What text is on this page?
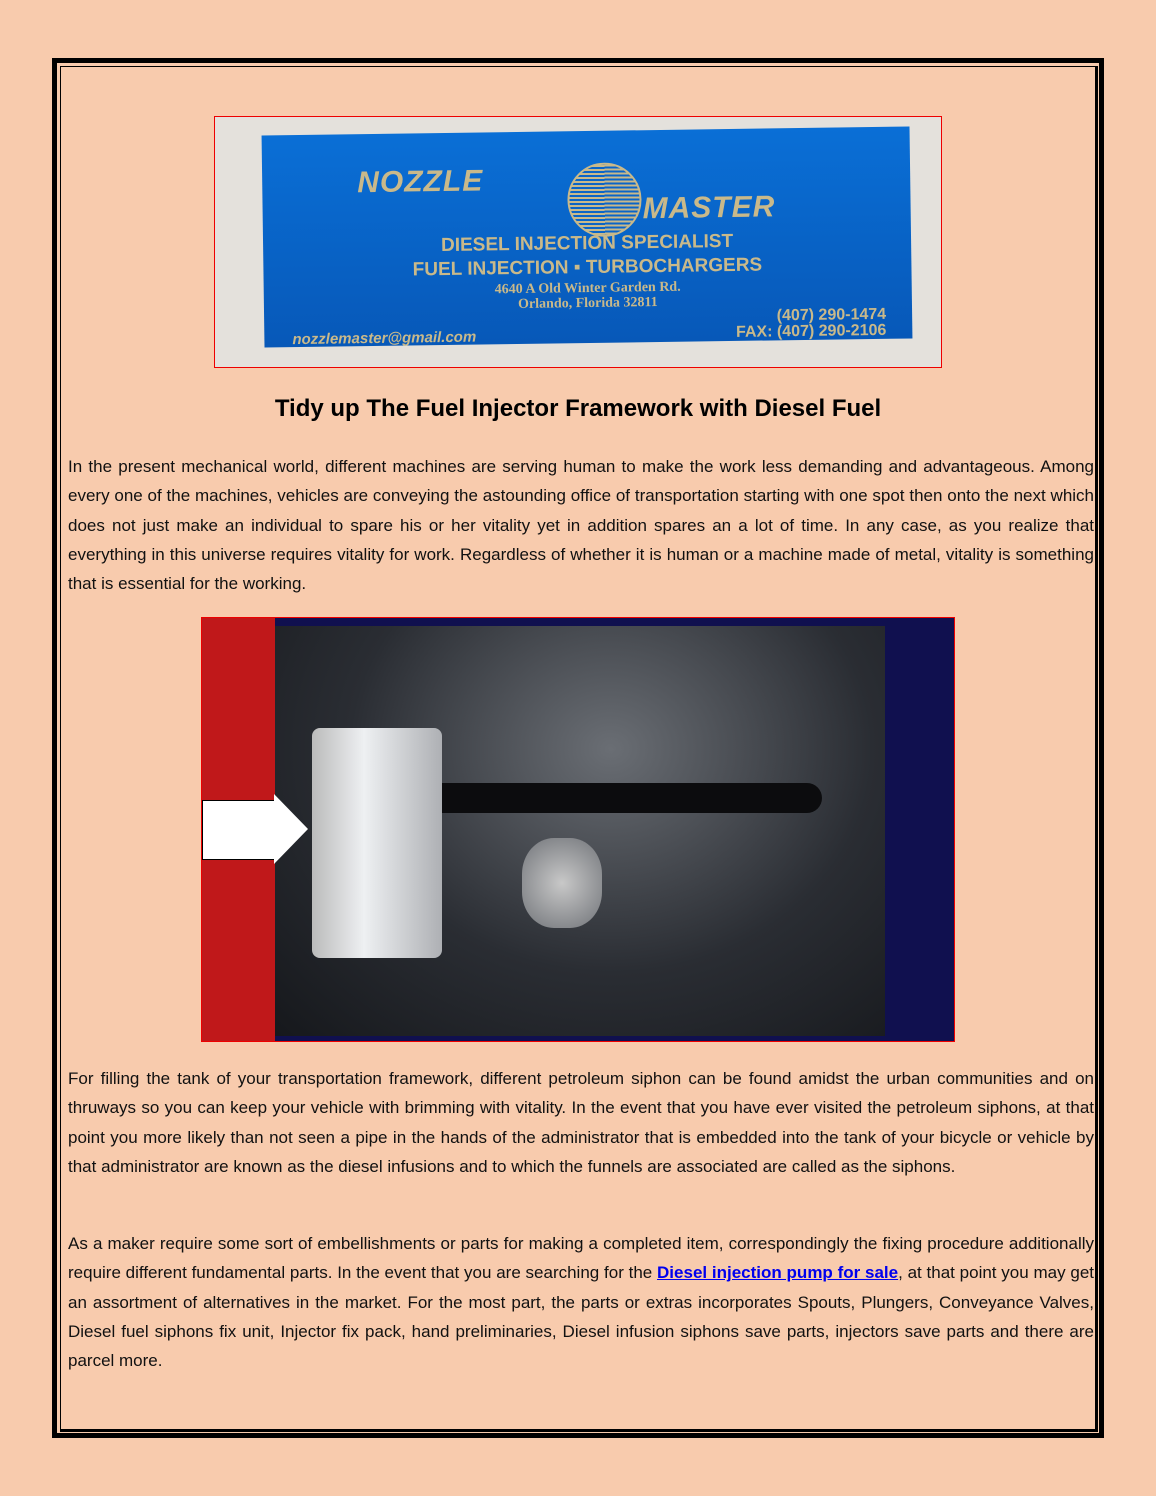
NOZZLE
MASTER
DIESEL INJECTION SPECIALIST
FUEL INJECTION ▪ TURBOCHARGERS
4640 A Old Winter Garden Rd.
Orlando, Florida 32811
(407) 290-1474
FAX: (407) 290-2106
nozzlemaster@gmail.com
Tidy up The Fuel Injector Framework with Diesel Fuel

In the present mechanical world, different machines are serving human to make the work less demanding and advantageous. Among every one of the machines, vehicles are conveying the astounding office of transportation starting with one spot then onto the next which does not just make an individual to spare his or her vitality yet in addition spares an a lot of time. In any case, as you realize that everything in this universe requires vitality for work. Regardless of whether it is human or a machine made of metal, vitality is something that is essential for the working.

For filling the tank of your transportation framework, different petroleum siphon can be found amidst the urban communities and on thruways so you can keep your vehicle with brimming with vitality. In the event that you have ever visited the petroleum siphons, at that point you more likely than not seen a pipe in the hands of the administrator that is embedded into the tank of your bicycle or vehicle by that administrator are known as the diesel infusions and to which the funnels are associated are called as the siphons.

As a maker require some sort of embellishments or parts for making a completed item, correspondingly the fixing procedure additionally require different fundamental parts. In the event that you are searching for the Diesel injection pump for sale, at that point you may get an assortment of alternatives in the market. For the most part, the parts or extras incorporates Spouts, Plungers, Conveyance Valves, Diesel fuel siphons fix unit, Injector fix pack, hand preliminaries, Diesel infusion siphons save parts, injectors save parts and there are parcel more.
